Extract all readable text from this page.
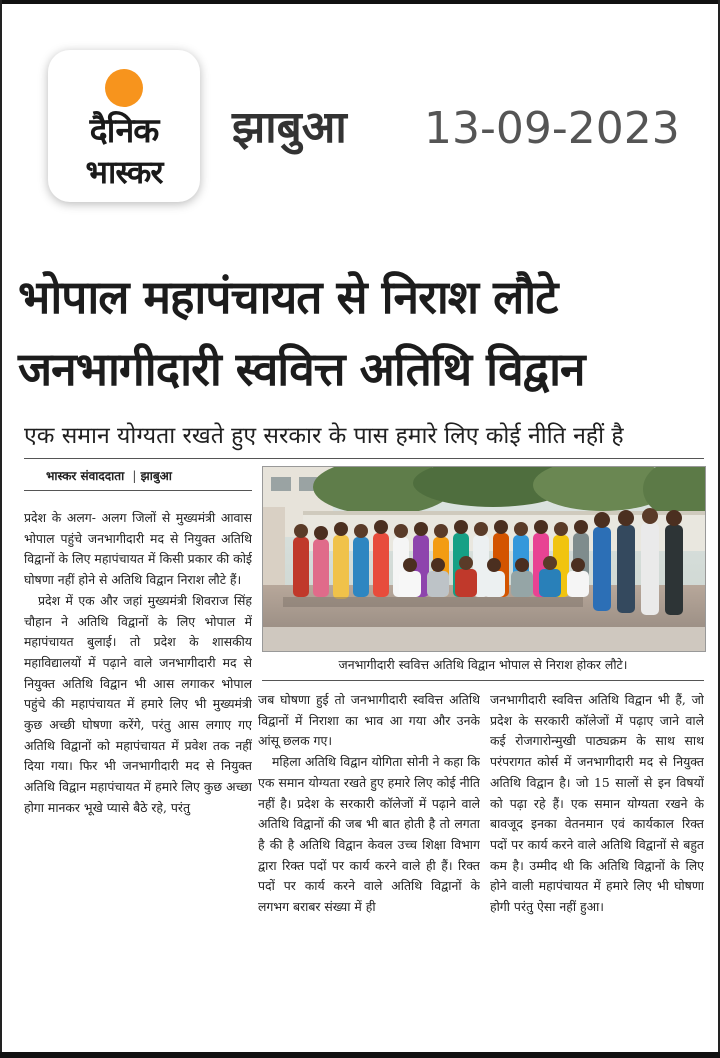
दैनिक
भास्कर
झाबुआ 13-09-2023
भोपाल महापंचायत से निराश लौटे
जनभागीदारी स्ववित्त अतिथि विद्वान
एक समान योग्यता रखते हुए सरकार के पास हमारे लिए कोई नीति नहीं है
भास्कर संवाददाता | झाबुआ

प्रदेश के अलग- अलग जिलों से मुख्यमंत्री आवास भोपाल पहुंचे जनभागीदारी मद से नियुक्त अतिथि विद्वानों के लिए महापंचायत में किसी प्रकार की कोई घोषणा नहीं होने से अतिथि विद्वान निराश लौटे हैं।

प्रदेश में एक और जहां मुख्यमंत्री शिवराज सिंह चौहान ने अतिथि विद्वानों के लिए भोपाल में महापंचायत बुलाई। तो प्रदेश के शासकीय महाविद्यालयों में पढ़ाने वाले जनभागीदारी मद से नियुक्त अतिथि विद्वान भी आस लगाकर भोपाल पहुंचे की महापंचायत में हमारे लिए भी मुख्यमंत्री कुछ अच्छी घोषणा करेंगे, परंतु आस लगाए गए अतिथि विद्वानों को महापंचायत में प्रवेश तक नहीं दिया गया। फिर भी जनभागीदारी मद से नियुक्त अतिथि विद्वान महापंचायत में हमारे लिए कुछ अच्छा होगा मानकर भूखे प्यासे बैठे रहे, परंतु

जनभागीदारी स्ववित्त अतिथि विद्वान भोपाल से निराश होकर लौटे।

जब घोषणा हुई तो जनभागीदारी स्ववित्त अतिथि विद्वानों में निराशा का भाव आ गया और उनके आंसू छलक गए।

महिला अतिथि विद्वान योगिता सोनी ने कहा कि एक समान योग्यता रखते हुए हमारे लिए कोई नीति नहीं है। प्रदेश के सरकारी कॉलेजों में पढ़ाने वाले अतिथि विद्वानों की जब भी बात होती है तो लगता है की है अतिथि विद्वान केवल उच्च शिक्षा विभाग द्वारा रिक्त पदों पर कार्य करने वाले ही हैं। रिक्त पदों पर कार्य करने वाले अतिथि विद्वानों के लगभग बराबर संख्या में ही

जनभागीदारी स्ववित्त अतिथि विद्वान भी हैं, जो प्रदेश के सरकारी कॉलेजों में पढ़ाए जाने वाले कई रोजगारोन्मुखी पाठ्यक्रम के साथ साथ परंपरागत कोर्स में जनभागीदारी मद से नियुक्त अतिथि विद्वान है। जो 15 सालों से इन विषयों को पढ़ा रहे हैं। एक समान योग्यता रखने के बावजूद इनका वेतनमान एवं कार्यकाल रिक्त पदों पर कार्य करने वाले अतिथि विद्वानों से बहुत कम है। उम्मीद थी कि अतिथि विद्वानों के लिए होने वाली महापंचायत में हमारे लिए भी घोषणा होगी परंतु ऐसा नहीं हुआ।
